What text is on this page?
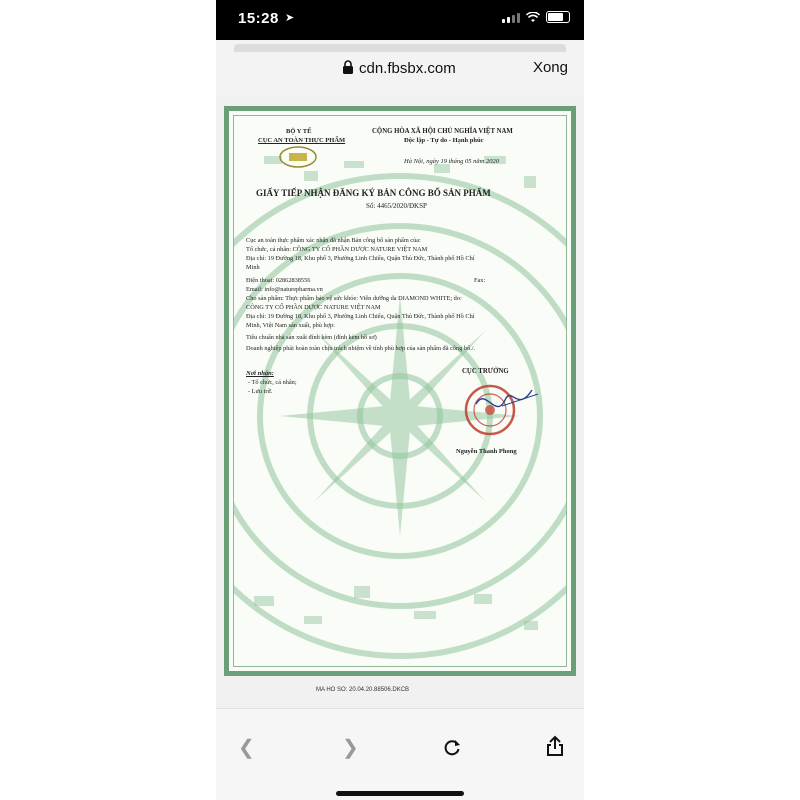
15:28 ➤
cdn.fbsbx.com	Xong
BỘ Y TẾ
CỤC AN TOÀN THỰC PHẨM
CỘNG HÒA XÃ HỘI CHỦ NGHĨA VIỆT NAM
Độc lập - Tự do - Hạnh phúc
Hà Nội, ngày 19 tháng 05 năm 2020
GIẤY TIẾP NHẬN ĐĂNG KÝ BẢN CÔNG BỐ SẢN PHẨM
Số: 4465/2020/ĐKSP
Cục an toàn thực phẩm xác nhận đã nhận Bản công bố sản phẩm của:
Tổ chức, cá nhân: CÔNG TY CỔ PHẦN DƯỢC NATURE VIỆT NAM
Địa chỉ: 19 Đường 18, Khu phố 3, Phường Linh Chiểu, Quận Thủ Đức, Thành phố Hồ Chí
Minh
Điện thoại: 02862838556	Fax:
Email: info@naturepharma.vn
Cho sản phẩm: Thực phẩm bảo vệ sức khỏe: Viên dưỡng da DIAMOND WHITE; do:
CÔNG TY CỔ PHẦN DƯỢC NATURE VIỆT NAM
Địa chỉ: 19 Đường 18, Khu phố 3, Phường Linh Chiểu, Quận Thủ Đức, Thành phố Hồ Chí
Minh, Việt Nam sản xuất, phù hợp:
Tiêu chuẩn nhà sản xuất đính kèm (đính kèm hồ sơ)
Doanh nghiệp phải hoàn toàn chịu trách nhiệm về tính phù hợp của sản phẩm đã công bố./.
Nơi nhận:
- Tổ chức, cá nhân;
- Lưu trữ.
CỤC TRƯỞNG
Nguyễn Thanh Phong
MA HO SO: 20.04.20.88506.DKCB
❮	❯
